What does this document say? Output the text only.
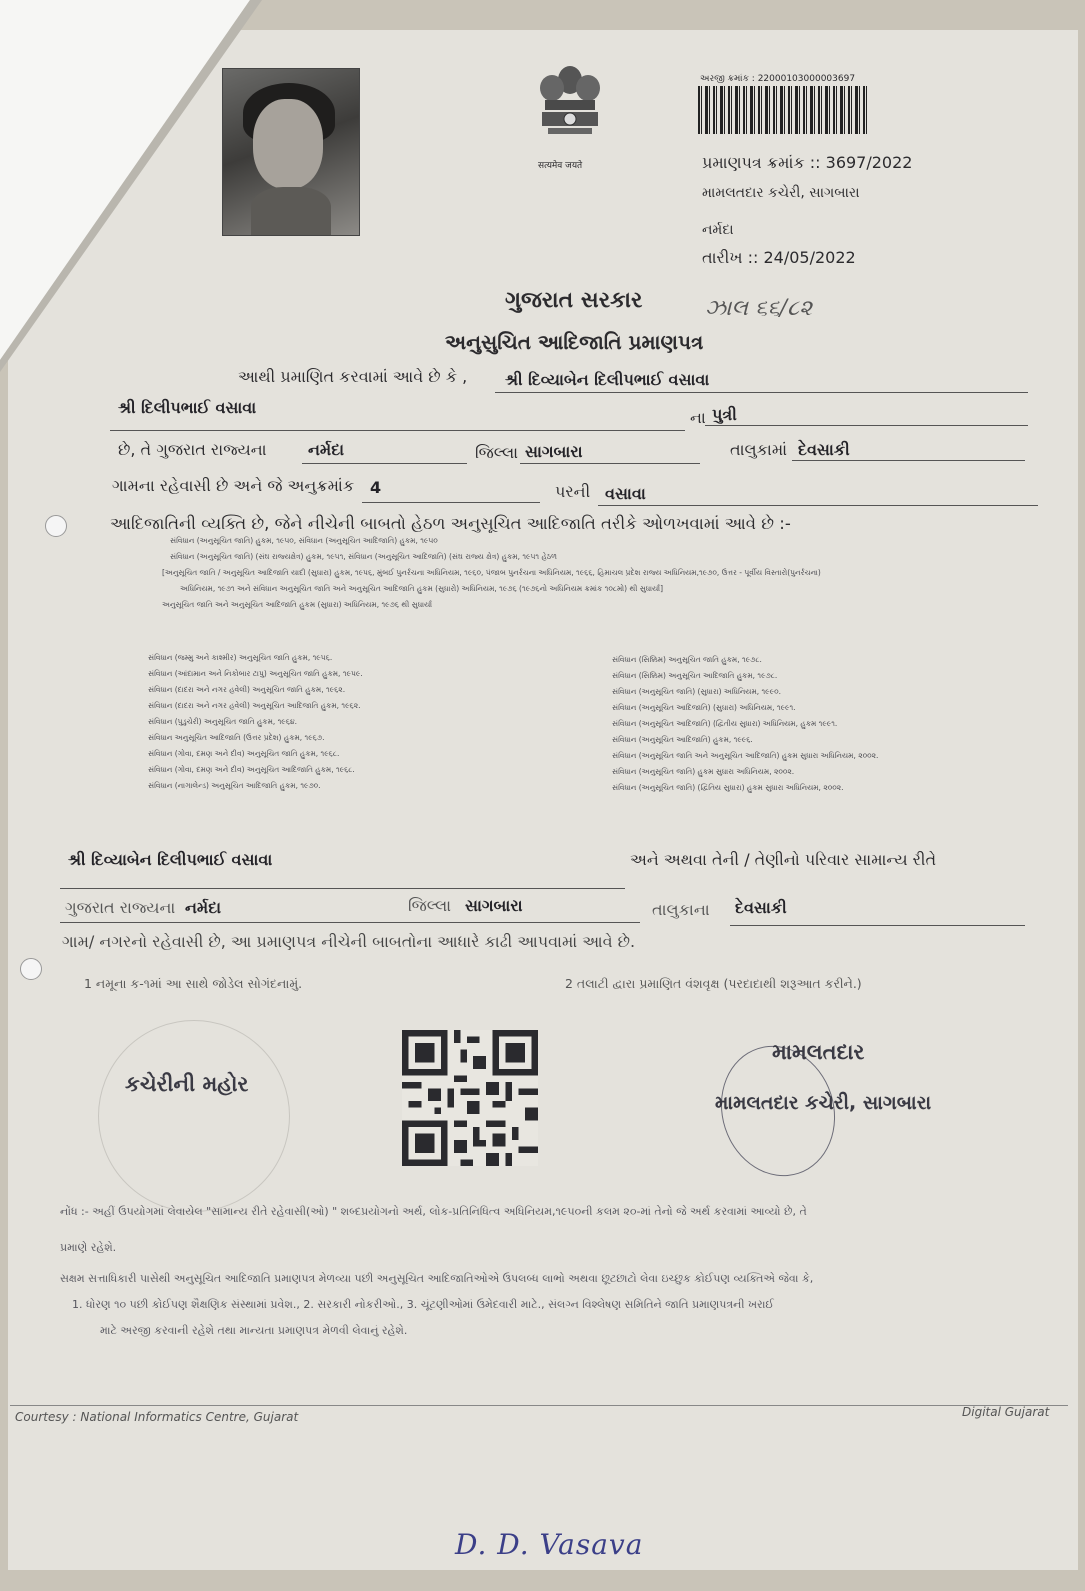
सत्यमेव जयते
અરજી ક્રમાંક : 22000103000003697
પ્રમાણપત્ર ક્રમાંક :: 3697/2022
મામલતદાર કચેરી, સાગબારા
નર્મદા
તારીખ :: 24/05/2022
ગુજરાત સરકાર	ઝાલ ૬૬/૮૨
અનુસુચિત આદિજાતિ પ્રમાણપત્ર
આથી પ્રમાણિત કરવામાં આવે છે કે , શ્રી દિવ્યાબેન દિલીપભાઈ વસાવા
શ્રી દિલીપભાઈ વસાવા
ના પુત્રી
છે, તે ગુજરાત રાજ્યના	નર્મદા	જિલ્લા સાગબારા	તાલુકામાં દેવસાકી
ગામના રહેવાસી છે અને જે અનુક્રમાંક 4	પરની વસાવા
આદિજાતિની વ્યક્તિ છે, જેને નીચેની બાબતો હેઠળ અનુસૂચિત આદિજાતિ તરીકે ઓળખવામાં આવે છે :-
સંવિધાન (અનુસૂચિત જાતિ) હુકમ, ૧૯૫૦, સંવિધાન (અનુસૂચિત આદિજાતિ) હુકમ, ૧૯૫૦
સંવિધાન (અનુસૂચિત જાતિ) (સંઘ રાજ્યક્ષેત્ર) હુકમ, ૧૯૫૧, સંવિધાન (અનુસૂચિત આદિજાતિ) (સંઘ રાજ્ય ક્ષેત્ર) હુકમ, ૧૯૫૧ હેઠળ
[અનુસૂચિત જાતિ / અનુસૂચિત આદિજાતિ યાદી (સુધારા) હુકમ, ૧૯૫૬, મુંબઈ પુનર્રચના અધિનિયમ, ૧૯૬૦, પંજાબ પુનર્રચના અધિનિયમ, ૧૯૬૬, હિમાચલ પ્રદેશ રાજ્ય અધિનિયમ,૧૯૭૦, ઉત્તર - પૂર્વીય વિસ્તારો(પુનર્રચના)
અધિનિયમ, ૧૯૭૧ અને સંવિધાન અનુસૂચિત જાતિ અને અનુસૂચિત આદિજાતિ હુકમ (સુધારો) અધિનિયમ, ૧૯૭૬ (૧૯૭૬નો અધિનિયમ ક્રમાંક ૧૦૮મો) થી સુધાર્યા]
અનુસૂચિત જાતિ અને અનુસૂચિત આદિજાતિ હુકમ (સુધારા) અધિનિયમ, ૧૯૭૬ થી સુધાર્યા
સંવિધાન (જમ્મુ અને કાશ્મીર) અનુસૂચિત જાતિ હુકમ, ૧૯૫૬.
સંવિધાન (આંદામાન અને નિકોબાર ટાપુ) અનુસૂચિત જાતિ હુકમ, ૧૯૫૯.
સંવિધાન (દાદરા અને નગર હવેલી) અનુસૂચિત જાતિ હુકમ, ૧૯૬૨.
સંવિધાન (દાદરા અને નગર હવેલી) અનુસૂચિત આદિજાતિ હુકમ, ૧૯૬૨.
સંવિધાન (પુડુચેરી) અનુસૂચિત જાતિ હુકમ, ૧૯૬૪.
સંવિધાન અનુસૂચિત આદિજાતિ (ઉત્તર પ્રદેશ) હુકમ, ૧૯૬૭.
સંવિધાન (ગોવા, દમણ અને દીવ) અનુસૂચિત જાતિ હુકમ, ૧૯૬૮.
સંવિધાન (ગોવા, દમણ અને દીવ) અનુસૂચિત આદિજાતિ હુકમ, ૧૯૬૮.
સંવિધાન (નાગાલેન્ડ) અનુસૂચિત આદિજાતિ હુકમ, ૧૯૭૦.
સંવિધાન (સિક્કિમ) અનુસૂચિત જાતિ હુકમ, ૧૯૭૮.
સંવિધાન (સિક્કિમ) અનુસૂચિત આદિજાતિ હુકમ, ૧૯૭૮.
સંવિધાન (અનુસૂચિત જાતિ) (સુધારા) અધિનિયમ, ૧૯૯૦.
સંવિધાન (અનુસૂચિત આદિજાતિ) (સુધારા) અધિનિયમ, ૧૯૯૧.
સંવિધાન (અનુસૂચિત આદિજાતિ) (દ્વિતીય સુધારા) અધિનિયમ, હુકમ ૧૯૯૧.
સંવિધાન (અનુસૂચિત આદિજાતિ) હુકમ, ૧૯૯૬.
સંવિધાન (અનુસૂચિત જાતિ અને અનુસૂચિત આદિજાતિ) હુકમ સુધારા અધિનિયમ, ૨૦૦૨.
સંવિધાન (અનુસૂચિત જાતિ) હુકમ સુધારા અધિનિયમ, ૨૦૦૨.
સંવિધાન (અનુસૂચિત જાતિ) (દ્વિતિય સુધારા) હુકમ સુધારા અધિનિયમ, ૨૦૦૨.
શ્રી દિવ્યાબેન દિલીપભાઈ વસાવા	અને અથવા તેની / તેણીનો પરિવાર સામાન્ય રીતે
ગુજરાત રાજ્યના નર્મદા	જિલ્લા સાગબારા	તાલુકાના દેવસાકી
ગામ/ નગરનો રહેવાસી છે, આ પ્રમાણપત્ર નીચેની બાબતોના આધારે કાઢી આપવામાં આવે છે.
1 નમૂના ક-૧માં આ સાથે જોડેલ સોગંદનામું.	2 તલાટી દ્વારા પ્રમાણિત વંશવૃક્ષ (પરદાદાથી શરૂઆત કરીને.)
કચેરીની મહોર
મામલતદાર
મામલતદાર કચેરી, સાગબારા
નોંધ :- અહીં ઉપયોગમાં લેવાયેલ "સામાન્ય રીતે રહેવાસી(ઓ) " શબ્દપ્રયોગનો અર્થ, લોક-પ્રતિનિધિત્વ અધિનિયમ,૧૯૫૦ની કલમ ૨૦-માં તેનો જે અર્થ કરવામાં આવ્યો છે, તે
પ્રમાણે રહેશે.
સક્ષમ સત્તાધિકારી પાસેથી અનુસૂચિત આદિજાતિ પ્રમાણપત્ર મેળવ્યા પછી અનુસૂચિત આદિજાતિઓએ ઉપલબ્ધ લાભો અથવા છૂટછાટો લેવા ઇચ્છુક કોઈપણ વ્યક્તિએ જેવા કે,
1. ધોરણ ૧૦ પછી કોઈપણ શૈક્ષણિક સંસ્થામાં પ્રવેશ., 2. સરકારી નોકરીઓ., 3. ચૂંટણીઓમાં ઉમેદવારી માટે., સંલગ્ન વિશ્લેષણ સમિતિને જાતિ પ્રમાણપત્રની ખરાઈ
માટે અરજી કરવાની રહેશે તથા માન્યતા પ્રમાણપત્ર મેળવી લેવાનું રહેશે.
Courtesy : National Informatics Centre, Gujarat	Digital Gujarat
D. D. Vasava
